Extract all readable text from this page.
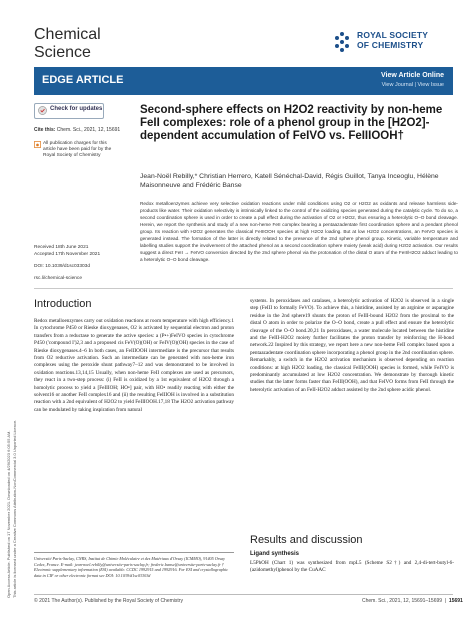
Chemical
Science
ROYAL SOCIETY
OF CHEMISTRY
EDGE ARTICLE	View Article Online
View Journal | View Issue
Open Access Article. Published on 17 November 2021. Downloaded on 4/29/2023 6:05:55 AM. This article is licensed under a Creative Commons Attribution-NonCommercial 3.0 Unported Licence.
Check for updates
Cite this: Chem. Sci., 2021, 12, 15691
All publication charges for this article have been paid for by the Royal Society of Chemistry
Received 18th June 2021
Accepted 17th November 2021
DOI: 10.1039/d1sc03303d
rsc.li/chemical-science
Second-sphere effects on H2O2 reactivity by non-heme FeII complexes: role of a phenol group in the [H2O2]-dependent accumulation of FeIVO vs. FeIIIOOH†
Jean-Noël Rebilly,* Christian Herrero, Katell Sénéchal-David, Régis Guillot, Tanya Inceoglu, Hélène Maisonneuve and Frédéric Banse
Redox metalloenzymes achieve very selective oxidation reactions under mild conditions using O2 or H2O2 as oxidants and release harmless side-products like water. Their oxidation selectivity is intrinsically linked to the control of the oxidizing species generated during the catalytic cycle. To do so, a second coordination sphere is used in order to create a pull effect during the activation of O2 or H2O2, thus ensuring a heterolytic O–O bond cleavage. Herein, we report the synthesis and study of a new non-heme FeII complex bearing a pentaazadentate first coordination sphere and a pendant phenol group. Its reaction with H2O2 generates the classical FeIIIOOH species at high H2O2 loading. But at low H2O2 concentrations, an FeIVO species is generated instead. The formation of the latter is directly related to the presence of the 2nd sphere phenol group. Kinetic, variable temperature and labelling studies support the involvement of the attached phenol as a second coordination sphere moiety (weak acid) during H2O2 activation. Our results suggest a direct FeII → FeIVO conversion directed by the 2nd sphere phenol via the protonation of the distal O atom of the FeII/H2O2 adduct leading to a heterolytic O–O bond cleavage.
Introduction
Redox metalloenzymes carry out oxidation reactions at room temperature with high efficiency.1 In cytochrome P450 or Rieske dioxygenases, O2 is activated by sequential electron and proton transfers from a reductase to generate the active species: a (P•+)FeIVO species in cytochrome P450 ('compound I')2,3 and a proposed cis FeV(O)(OH) or FeIV(O)(OH) species in the case of Rieske dioxygenases.4–6 In both cases, an FeIIIOOH intermediate is the precursor that results from O2 reductive activation. Such an intermediate can be generated with non-heme iron complexes using the peroxide shunt pathway7–12 and was demonstrated to be involved in oxidation reactions.13,14,15 Usually, when non-heme FeII complexes are used as precursors, they react in a two-step process: (i) FeII is oxidized by a 1st equivalent of H2O2 through a homolytic process to yield a [FeIIIOH; HO•] pair, with HO• readily reacting with either the solvent16 or another FeII complex16 and (ii) the resulting FeIIIOH is involved in a substitution reaction with a 2nd equivalent of H2O2 to yield FeIIIOOH.17,18 The H2O2 activation pathway can be modulated by taking inspiration from natural
Université Paris-Saclay, CNRS, Institut de Chimie Moléculaire et des Matériaux d'Orsay (ICMMO), 91405 Orsay Cedex, France. E-mail: jean-noel.rebilly@universite-paris-saclay.fr; frederic.banse@universite-paris-saclay.fr † Electronic supplementary information (ESI) available. CCDC 1992915 and 1992916. For ESI and crystallographic data in CIF or other electronic format see DOI: 10.1039/d1sc03303d
systems. In peroxidases and catalases, a heterolytic activation of H2O2 is observed in a single step (FeIII to formally FeVO). To achieve this, a histidine, assisted by an arginine or asparagine residue in the 2nd sphere19 shunts the proton of FeIII-bound H2O2 from the proximal to the distal O atom in order to polarize the O–O bond, create a pull effect and ensure the heterolytic cleavage of the O–O bond.20,21 In peroxidases, a water molecule located between the histidine and the FeIII-H2O2 moiety further facilitates the proton transfer by reinforcing the H-bond network.22 Inspired by this strategy, we report here a new non-heme FeII complex based upon a pentaazadentate coordination sphere incorporating a phenol group in the 2nd coordination sphere. Remarkably, a switch in the H2O2 activation mechanism is observed depending on reaction conditions: at high H2O2 loading, the classical FeIII(OOH) species is formed, while FeIVO is predominantly accumulated at low H2O2 concentration. We demonstrate by thorough kinetic studies that the latter forms faster than FeIII(OOH), and that FeIVO forms from FeII through the heterolytic activation of an FeII-H2O2 adduct assisted by the 2nd sphere acidic phenol.
Results and discussion
Ligand synthesis
L5PhOH (Chart 1) was synthesized from mpL5 (Scheme S2†) and 2,4-di-tert-butyl-6-(azidomethyl)phenol by the CuAAC
© 2021 The Author(s). Published by the Royal Society of Chemistry	Chem. Sci., 2021, 12, 15691–15699  |  15691
